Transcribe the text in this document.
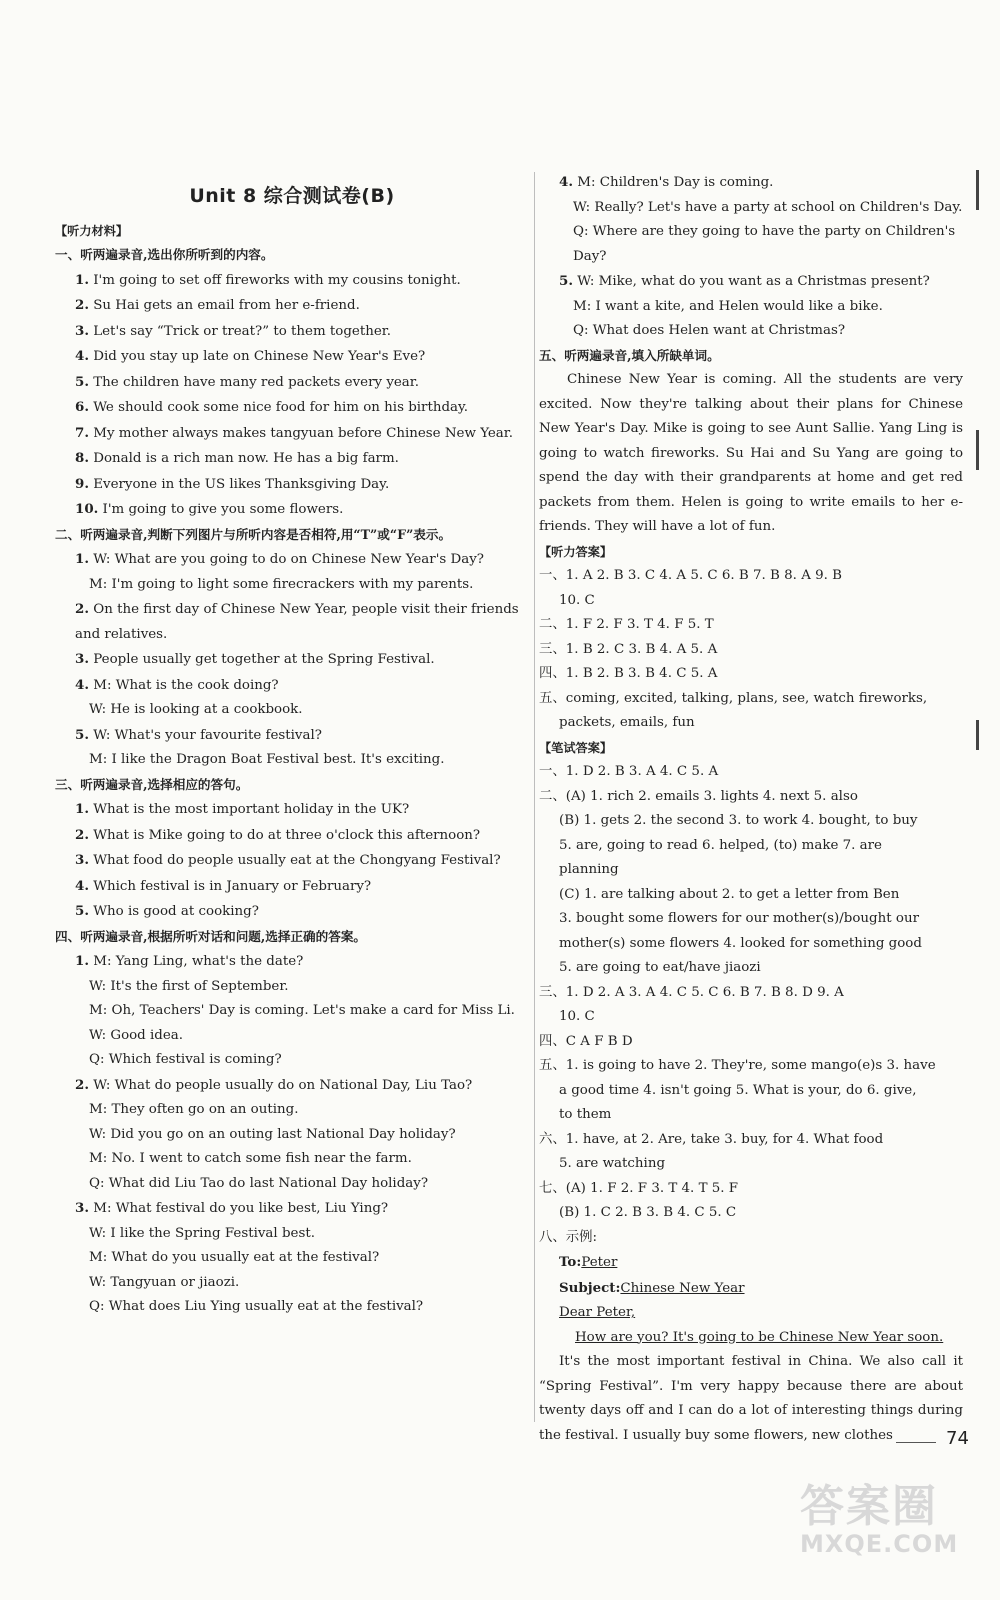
Unit 8 综合测试卷(B)
【听力材料】
一、听两遍录音,选出你所听到的内容。
1. I'm going to set off fireworks with my cousins tonight.
2. Su Hai gets an email from her e-friend.
3. Let's say “Trick or treat?” to them together.
4. Did you stay up late on Chinese New Year's Eve?
5. The children have many red packets every year.
6. We should cook some nice food for him on his birthday.
7. My mother always makes tangyuan before Chinese New Year.
8. Donald is a rich man now. He has a big farm.
9. Everyone in the US likes Thanksgiving Day.
10. I'm going to give you some flowers.
二、听两遍录音,判断下列图片与所听内容是否相符,用“T”或“F”表示。
1. W: What are you going to do on Chinese New Year's Day?
M: I'm going to light some firecrackers with my parents.
2. On the first day of Chinese New Year, people visit their friends and relatives.
3. People usually get together at the Spring Festival.
4. M: What is the cook doing?
W: He is looking at a cookbook.
5. W: What's your favourite festival?
M: I like the Dragon Boat Festival best. It's exciting.
三、听两遍录音,选择相应的答句。
1. What is the most important holiday in the UK?
2. What is Mike going to do at three o'clock this afternoon?
3. What food do people usually eat at the Chongyang Festival?
4. Which festival is in January or February?
5. Who is good at cooking?
四、听两遍录音,根据所听对话和问题,选择正确的答案。
1. M: Yang Ling, what's the date?
W: It's the first of September.
M: Oh, Teachers' Day is coming. Let's make a card for Miss Li.
W: Good idea.
Q: Which festival is coming?
2. W: What do people usually do on National Day, Liu Tao?
M: They often go on an outing.
W: Did you go on an outing last National Day holiday?
M: No. I went to catch some fish near the farm.
Q: What did Liu Tao do last National Day holiday?
3. M: What festival do you like best, Liu Ying?
W: I like the Spring Festival best.
M: What do you usually eat at the festival?
W: Tangyuan or jiaozi.
Q: What does Liu Ying usually eat at the festival?
4. M: Children's Day is coming.
W: Really? Let's have a party at school on Children's Day.
Q: Where are they going to have the party on Children's Day?
5. W: Mike, what do you want as a Christmas present?
M: I want a kite, and Helen would like a bike.
Q: What does Helen want at Christmas?
五、听两遍录音,填入所缺单词。
Chinese New Year is coming. All the students are very excited. Now they're talking about their plans for Chinese New Year's Day. Mike is going to see Aunt Sallie. Yang Ling is going to watch fireworks. Su Hai and Su Yang are going to spend the day with their grandparents at home and get red packets from them. Helen is going to write emails to her e-friends. They will have a lot of fun.
【听力答案】
一、1. A 2. B 3. C 4. A 5. C 6. B 7. B 8. A 9. B
10. C
二、1. F 2. F 3. T 4. F 5. T
三、1. B 2. C 3. B 4. A 5. A
四、1. B 2. B 3. B 4. C 5. A
五、coming, excited, talking, plans, see, watch fireworks,
packets, emails, fun
【笔试答案】
一、1. D 2. B 3. A 4. C 5. A
二、(A) 1. rich 2. emails 3. lights 4. next 5. also
(B) 1. gets 2. the second 3. to work 4. bought, to buy
5. are, going to read 6. helped, (to) make 7. are
planning
(C) 1. are talking about 2. to get a letter from Ben
3. bought some flowers for our mother(s)/bought our
mother(s) some flowers 4. looked for something good
5. are going to eat/have jiaozi
三、1. D 2. A 3. A 4. C 5. C 6. B 7. B 8. D 9. A
10. C
四、C A F B D
五、1. is going to have 2. They're, some mango(e)s 3. have
a good time 4. isn't going 5. What is your, do 6. give,
to them
六、1. have, at 2. Are, take 3. buy, for 4. What food
5. are watching
七、(A) 1. F 2. F 3. T 4. T 5. F
(B) 1. C 2. B 3. B 4. C 5. C
八、示例:
To:Peter
Subject:Chinese New Year
Dear Peter,
How are you? It's going to be Chinese New Year soon.
It's the most important festival in China. We also call it “Spring Festival”. I'm very happy because there are about twenty days off and I can do a lot of interesting things during the festival. I usually buy some flowers, new clothes	74
答案圈
MXQE.COM
